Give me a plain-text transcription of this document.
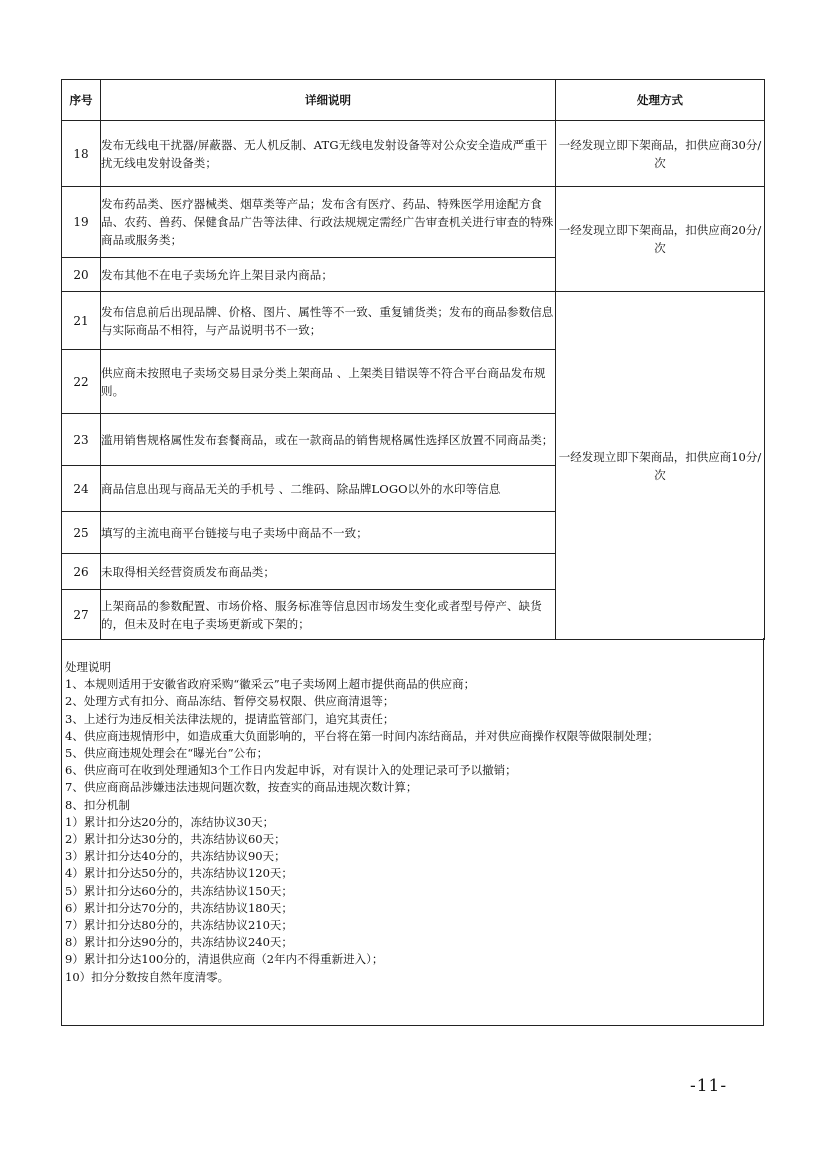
序号	详细说明	处理方式
18	发布无线电干扰器/屏蔽器、无人机反制、ATG无线电发射设备等对公众安全造成严重干扰无线电发射设备类；	一经发现立即下架商品，扣供应商30分/次
19	发布药品类、医疗器械类、烟草类等产品；发布含有医疗、药品、特殊医学用途配方食品、农药、兽药、保健食品广告等法律、行政法规规定需经广告审查机关进行审查的特殊商品或服务类；	一经发现立即下架商品，扣供应商20分/次
20	发布其他不在电子卖场允许上架目录内商品；	
21	发布信息前后出现品牌、价格、图片、属性等不一致、重复铺货类；发布的商品参数信息与实际商品不相符，与产品说明书不一致；	一经发现立即下架商品，扣供应商10分/次
22	供应商未按照电子卖场交易目录分类上架商品 、上架类目错误等不符合平台商品发布规则。	
23	滥用销售规格属性发布套餐商品，或在一款商品的销售规格属性选择区放置不同商品类；	
24	商品信息出现与商品无关的手机号 、二维码、除品牌LOGO以外的水印等信息	
25	填写的主流电商平台链接与电子卖场中商品不一致；	
26	未取得相关经营资质发布商品类；	
27	上架商品的参数配置、市场价格、服务标准等信息因市场发生变化或者型号停产、缺货的，但未及时在电子卖场更新或下架的；	
处理说明
1、本规则适用于安徽省政府采购“徽采云”电子卖场网上超市提供商品的供应商；
2、处理方式有扣分、商品冻结、暂停交易权限、供应商清退等；
3、上述行为违反相关法律法规的，提请监管部门，追究其责任；
4、供应商违规情形中，如造成重大负面影响的，平台将在第一时间内冻结商品，并对供应商操作权限等做限制处理；
5、供应商违规处理会在“曝光台”公布；
6、供应商可在收到处理通知3个工作日内发起申诉，对有误计入的处理记录可予以撤销；
7、供应商商品涉嫌违法违规问题次数，按查实的商品违规次数计算；
8、扣分机制
1）累计扣分达20分的，冻结协议30天；
2）累计扣分达30分的，共冻结协议60天；
3）累计扣分达40分的，共冻结协议90天；
4）累计扣分达50分的，共冻结协议120天；
5）累计扣分达60分的，共冻结协议150天；
6）累计扣分达70分的，共冻结协议180天；
7）累计扣分达80分的，共冻结协议210天；
8）累计扣分达90分的，共冻结协议240天；
9）累计扣分达100分的，清退供应商（2年内不得重新进入）；
10）扣分分数按自然年度清零。
-11-
